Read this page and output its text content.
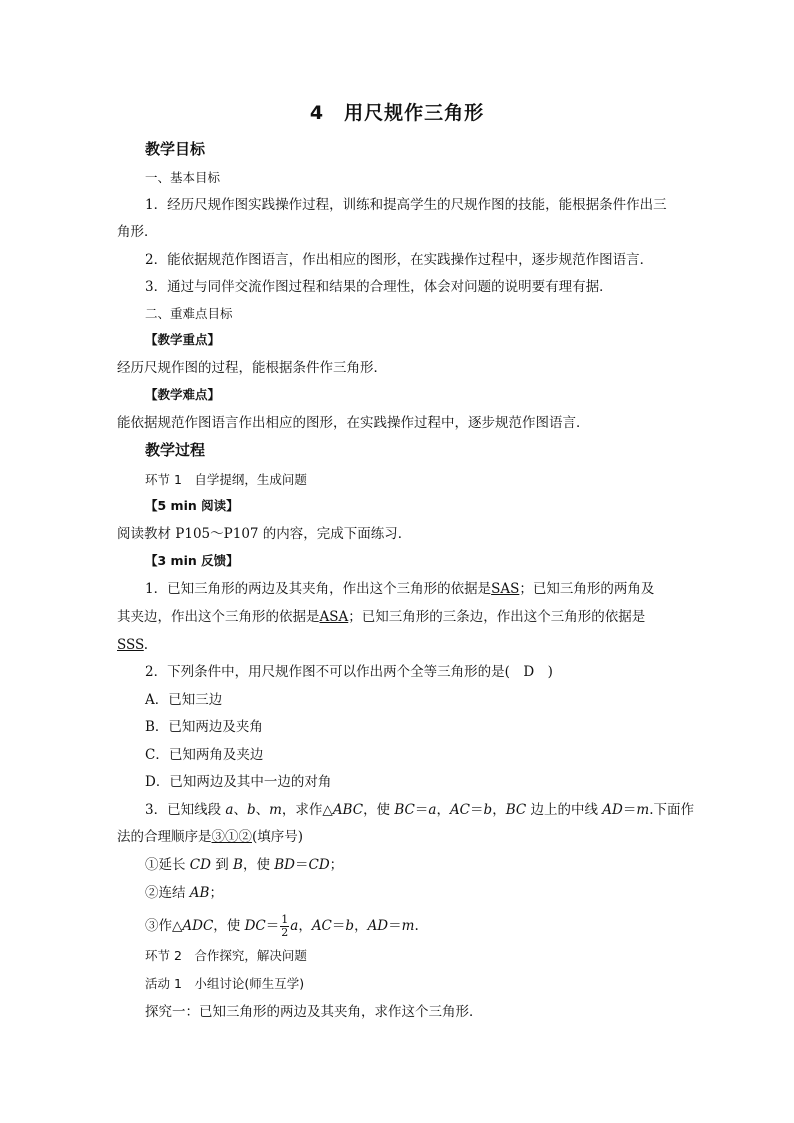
4　用尺规作三角形
教学目标
一、基本目标
1．经历尺规作图实践操作过程，训练和提高学生的尺规作图的技能，能根据条件作出三
角形．
2．能依据规范作图语言，作出相应的图形，在实践操作过程中，逐步规范作图语言．
3．通过与同伴交流作图过程和结果的合理性，体会对问题的说明要有理有据．
二、重难点目标
【教学重点】
经历尺规作图的过程，能根据条件作三角形．
【教学难点】
能依据规范作图语言作出相应的图形，在实践操作过程中，逐步规范作图语言．
教学过程
环节 1　自学提纲，生成问题
【5 min 阅读】
阅读教材 P105～P107 的内容，完成下面练习．
【3 min 反馈】
1．已知三角形的两边及其夹角，作出这个三角形的依据是SAS；已知三角形的两角及
其夹边，作出这个三角形的依据是ASA；已知三角形的三条边，作出这个三角形的依据是
SSS.
2．下列条件中，用尺规作图不可以作出两个全等三角形的是(　D　)
A．已知三边
B．已知两边及夹角
C．已知两角及夹边
D．已知两边及其中一边的对角
3．已知线段 a、b、m，求作△ABC，使 BC＝a，AC＝b，BC 边上的中线 AD＝m.下面作
法的合理顺序是③①②(填序号)
①延长 CD 到 B，使 BD＝CD；
②连结 AB；
③作△ADC，使 $DC= \frac{1}{2}$ a，AC＝b，AD＝m.
环节 2　合作探究，解决问题
活动 1　小组讨论(师生互学)
探究一：已知三角形的两边及其夹角，求作这个三角形．
